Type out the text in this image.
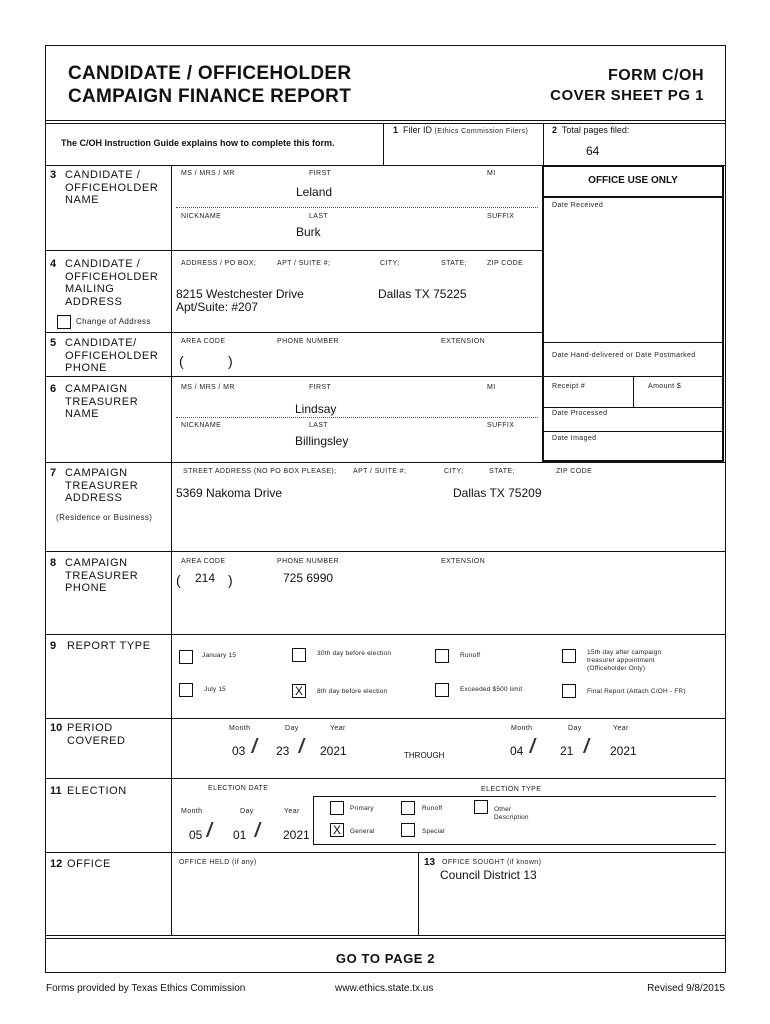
CANDIDATE / OFFICEHOLDER
CAMPAIGN FINANCE REPORT
FORM C/OH
COVER SHEET PG 1
The C/OH Instruction Guide explains how to complete this form.
1 Filer ID (Ethics Commission Filers)	2 Total pages filed:
64
OFFICE USE ONLY
Date Received
Date Hand-delivered or Date Postmarked
Receipt #	Amount $
Date Processed
Date Imaged
3 CANDIDATE /
OFFICEHOLDER
NAME
MS / MRS / MR	FIRST	MI
Leland
NICKNAME	LAST	SUFFIX
Burk
4 CANDIDATE /
OFFICEHOLDER
MAILING
ADDRESS
ADDRESS / PO BOX;	APT / SUITE #;	CITY;	STATE;	ZIP CODE
8215 Westchester Drive
Apt/Suite: #207
Dallas TX 75225
Change of Address
5 CANDIDATE/
OFFICEHOLDER
PHONE
AREA CODE	PHONE NUMBER	EXTENSION
(	)
6 CAMPAIGN
TREASURER
NAME
MS / MRS / MR	FIRST	MI
Lindsay
NICKNAME	LAST	SUFFIX
Billingsley
7 CAMPAIGN
TREASURER
ADDRESS
(Residence or Business)
STREET ADDRESS (NO PO BOX PLEASE); APT / SUITE #;	CITY;	STATE;	ZIP CODE
5369 Nakoma Drive	Dallas TX 75209
8 CAMPAIGN
TREASURER
PHONE
AREA CODE	PHONE NUMBER	EXTENSION
( 214 )	725 6990
9 REPORT TYPE
January 15	30th day before election	Runoff	15th day after campaign
treasurer appointment
(Officeholder Only)
July 15	X	8th day before election	Exceeded $500 limit	Final Report (Attach C/OH - FR)
10 PERIOD
COVERED
Month	Day	Year
03 / 23 / 2021	THROUGH
Month	Day	Year
04 / 21 / 2021
11 ELECTION	ELECTION DATE	ELECTION TYPE
Month	Day	Year
05 / 01 / 2021
Primary	Runoff	Other
Description
X	General	Special
12 OFFICE	OFFICE HELD (if any)	13 OFFICE SOUGHT (if known)
Council District 13
GO TO PAGE 2
Forms provided by Texas Ethics Commission	www.ethics.state.tx.us	Revised 9/8/2015
